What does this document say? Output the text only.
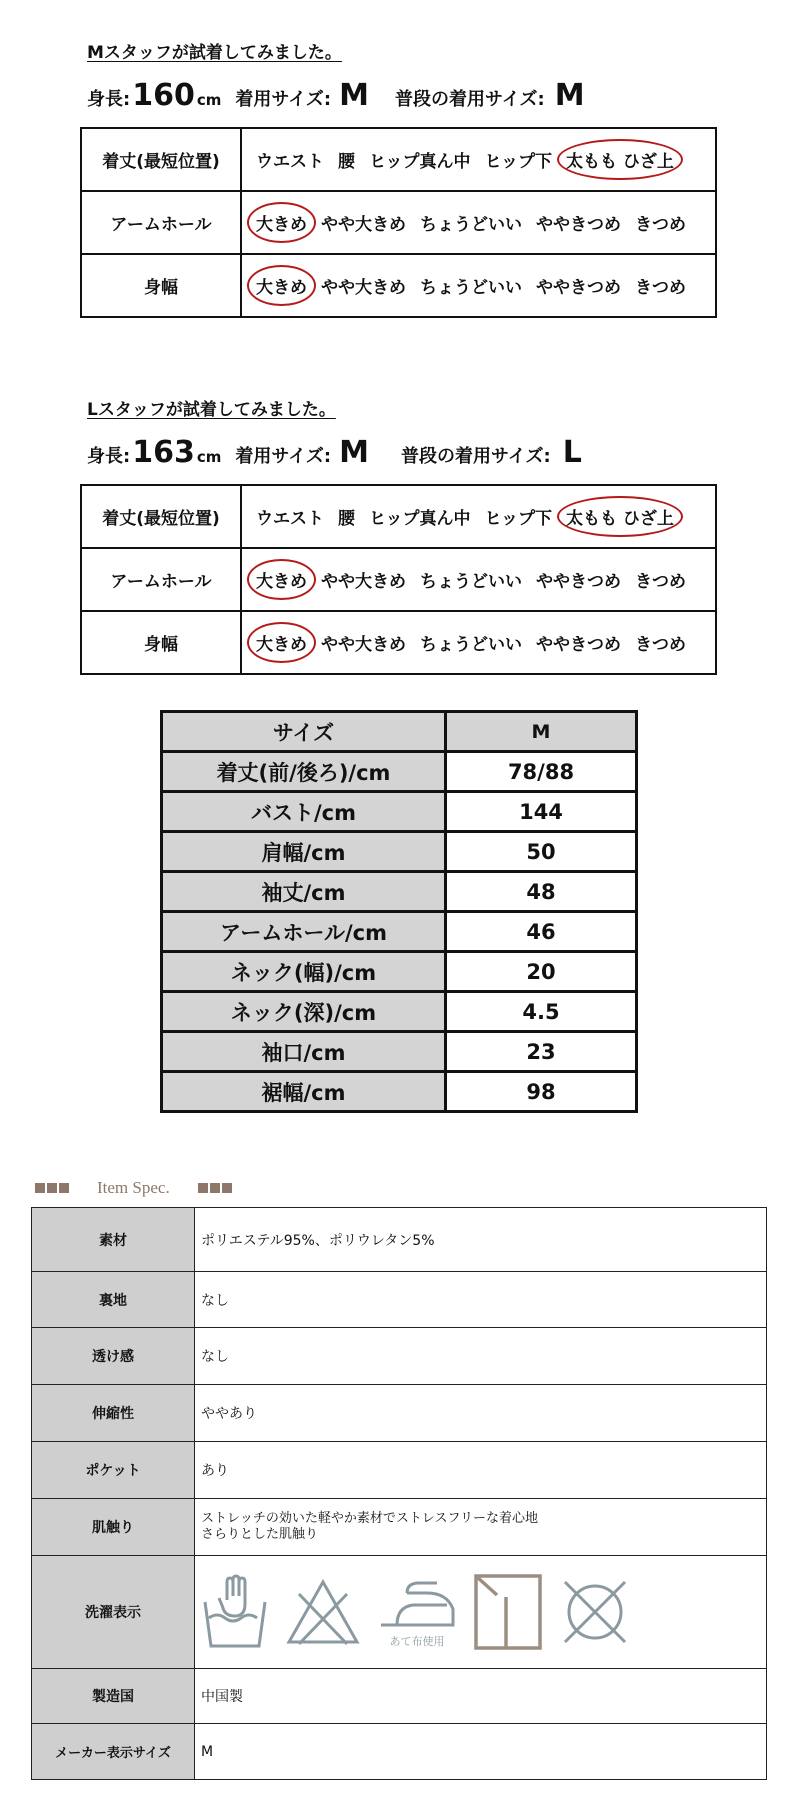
Mスタッフが試着してみました。
身長: 160 cm 着用サイズ: M 普段の着用サイズ: M
着丈(最短位置)	ウエスト 腰 ヒップ真ん中 ヒップ下 太もも ひざ上

アームホール	大きめ やや大きめ ちょうどいい ややきつめ きつめ

身幅	大きめ やや大きめ ちょうどいい ややきつめ きつめ
Lスタッフが試着してみました。
身長: 163 cm 着用サイズ: M 普段の着用サイズ: L
着丈(最短位置)	ウエスト 腰 ヒップ真ん中 ヒップ下 太もも ひざ上

アームホール	大きめ やや大きめ ちょうどいい ややきつめ きつめ

身幅	大きめ やや大きめ ちょうどいい ややきつめ きつめ
サイズ	M
着丈(前/後ろ)/cm	78/88
バスト/cm	144
肩幅/cm	50
袖丈/cm	48
アームホール/cm	46
ネック(幅)/cm	20
ネック(深)/cm	4.5
袖口/cm	23
裾幅/cm	98
Item Spec.
素材	ポリエステル95%、ポリウレタン5%
裏地	なし
透け感	なし
伸縮性	ややあり
ポケット	あり
肌触り	ストレッチの効いた軽やか素材でストレスフリーな着心地
さらりとした肌触り

洗濯表示	あて布使用

製造国	中国製
メーカー表示サイズ	M
